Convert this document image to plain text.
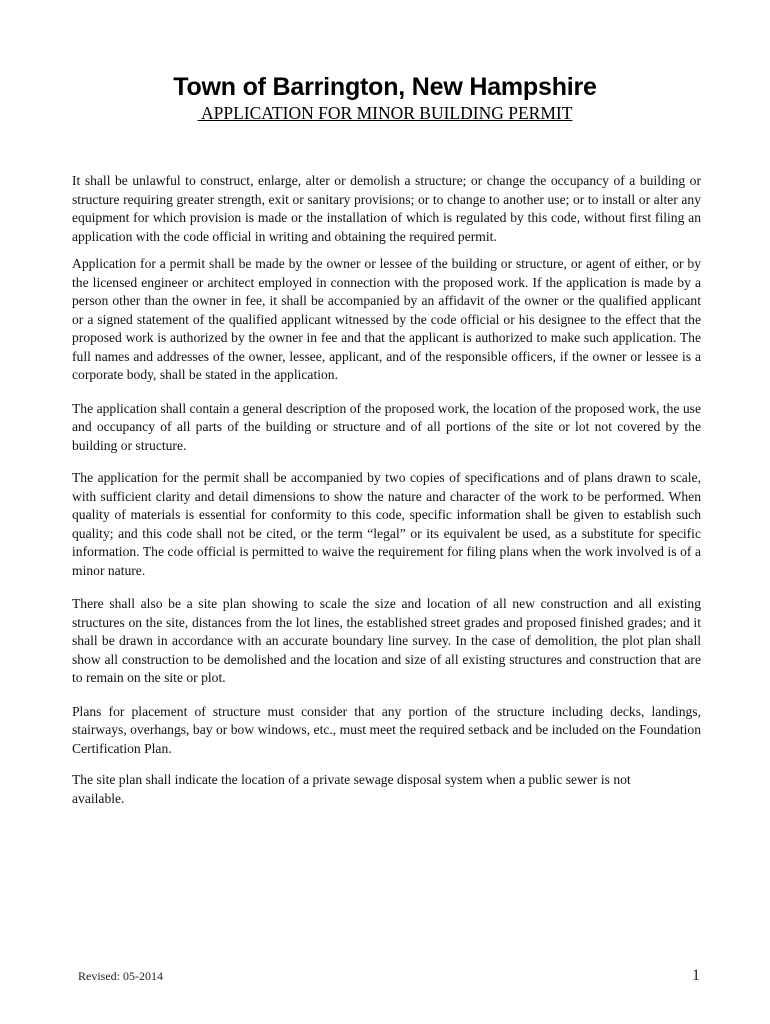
Town of Barrington, New Hampshire
APPLICATION FOR MINOR BUILDING PERMIT

It shall be unlawful to construct, enlarge, alter or demolish a structure; or change the occupancy of a building or structure requiring greater strength, exit or sanitary provisions; or to change to another use; or to install or alter any equipment for which provision is made or the installation of which is regulated by this code, without first filing an application with the code official in writing and obtaining the required permit.

Application for a permit shall be made by the owner or lessee of the building or structure, or agent of either, or by the licensed engineer or architect employed in connection with the proposed work. If the application is made by a person other than the owner in fee, it shall be accompanied by an affidavit of the owner or the qualified applicant or a signed statement of the qualified applicant witnessed by the code official or his designee to the effect that the proposed work is authorized by the owner in fee and that the applicant is authorized to make such application. The full names and addresses of the owner, lessee, applicant, and of the responsible officers, if the owner or lessee is a corporate body, shall be stated in the application.

The application shall contain a general description of the proposed work, the location of the proposed work, the use and occupancy of all parts of the building or structure and of all portions of the site or lot not covered by the building or structure.

The application for the permit shall be accompanied by two copies of specifications and of plans drawn to scale, with sufficient clarity and detail dimensions to show the nature and character of the work to be performed. When quality of materials is essential for conformity to this code, specific information shall be given to establish such quality; and this code shall not be cited, or the term “legal” or its equivalent be used, as a substitute for specific information. The code official is permitted to waive the requirement for filing plans when the work involved is of a minor nature.

There shall also be a site plan showing to scale the size and location of all new construction and all existing structures on the site, distances from the lot lines, the established street grades and proposed finished grades; and it shall be drawn in accordance with an accurate boundary line survey. In the case of demolition, the plot plan shall show all construction to be demolished and the location and size of all existing structures and construction that are to remain on the site or plot.

Plans for placement of structure must consider that any portion of the structure including decks, landings, stairways, overhangs, bay or bow windows, etc., must meet the required setback and be included on the Foundation Certification Plan.

The site plan shall indicate the location of a private sewage disposal system when a public sewer is not available.

Revised: 05-2014	1
